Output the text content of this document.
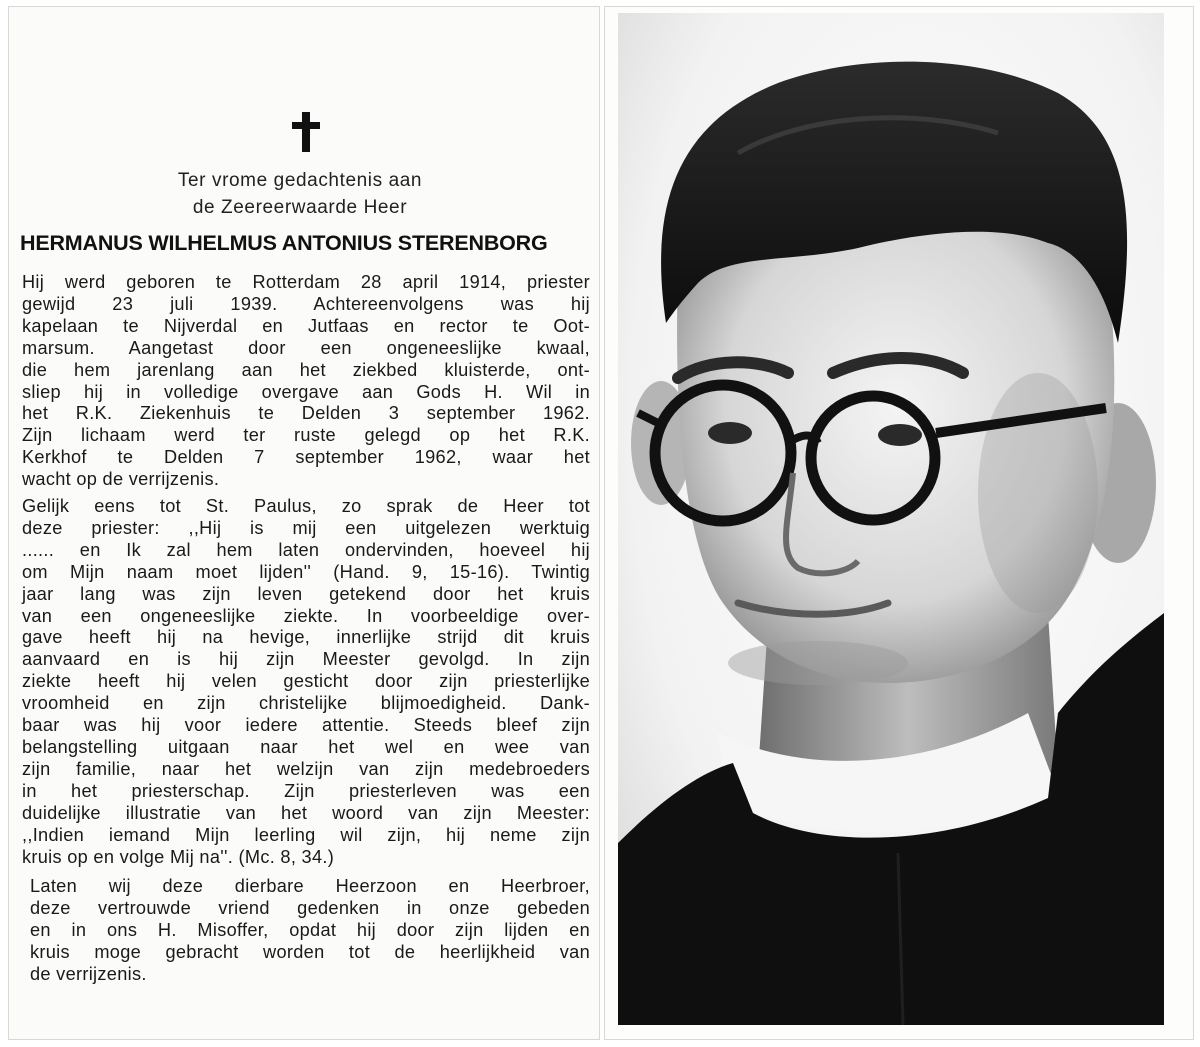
Ter vrome gedachtenis aan
de Zeereerwaarde Heer
HERMANUS WILHELMUS ANTONIUS STERENBORG
Hij werd geboren te Rotterdam 28 april 1914, priester
gewijd 23 juli 1939. Achtereenvolgens was hij
kapelaan te Nijverdal en Jutfaas en rector te Oot-
marsum. Aangetast door een ongeneeslijke kwaal,
die hem jarenlang aan het ziekbed kluisterde, ont-
sliep hij in volledige overgave aan Gods H. Wil in
het R.K. Ziekenhuis te Delden 3 september 1962.
Zijn lichaam werd ter ruste gelegd op het R.K.
Kerkhof te Delden 7 september 1962, waar het
wacht op de verrijzenis.
Gelijk eens tot St. Paulus, zo sprak de Heer tot
deze priester: ,,Hij is mij een uitgelezen werktuig
...... en Ik zal hem laten ondervinden, hoeveel hij
om Mijn naam moet lijden'' (Hand. 9, 15-16). Twintig
jaar lang was zijn leven getekend door het kruis
van een ongeneeslijke ziekte. In voorbeeldige over-
gave heeft hij na hevige, innerlijke strijd dit kruis
aanvaard en is hij zijn Meester gevolgd. In zijn
ziekte heeft hij velen gesticht door zijn priesterlijke
vroomheid en zijn christelijke blijmoedigheid. Dank-
baar was hij voor iedere attentie. Steeds bleef zijn
belangstelling uitgaan naar het wel en wee van
zijn familie, naar het welzijn van zijn medebroeders
in het priesterschap. Zijn priesterleven was een
duidelijke illustratie van het woord van zijn Meester:
,,Indien iemand Mijn leerling wil zijn, hij neme zijn
kruis op en volge Mij na''. (Mc. 8, 34.)
Laten wij deze dierbare Heerzoon en Heerbroer,
deze vertrouwde vriend gedenken in onze gebeden
en in ons H. Misoffer, opdat hij door zijn lijden en
kruis moge gebracht worden tot de heerlijkheid van
de verrijzenis.
